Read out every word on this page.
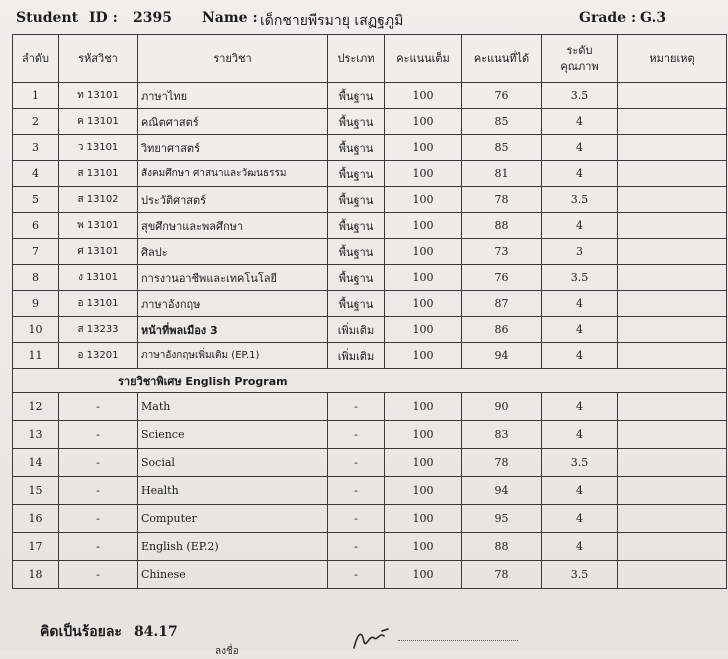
Student ID : 2395 Name : เด็กชายพีรมายุ เสฏฐภูมิ	Grade : G.3
ลำดับ	รหัสวิชา	รายวิชา	ประเภท	คะแนนเต็ม	คะแนนที่ได้	ระดับ คุณภาพ	หมายเหตุ
1	ท 13101	ภาษาไทย	พื้นฐาน	100	76	3.5	
2	ค 13101	คณิตศาสตร์	พื้นฐาน	100	85	4	
3	ว 13101	วิทยาศาสตร์	พื้นฐาน	100	85	4	
4	ส 13101	สังคมศึกษา ศาสนาและวัฒนธรรม	พื้นฐาน	100	81	4	
5	ส 13102	ประวัติศาสตร์	พื้นฐาน	100	78	3.5	
6	พ 13101	สุขศึกษาและพลศึกษา	พื้นฐาน	100	88	4	
7	ศ 13101	ศิลปะ	พื้นฐาน	100	73	3	
8	ง 13101	การงานอาชีพและเทคโนโลยี	พื้นฐาน	100	76	3.5	
9	อ 13101	ภาษาอังกฤษ	พื้นฐาน	100	87	4	
10	ส 13233	หน้าที่พลเมือง 3	เพิ่มเติม	100	86	4	
11	อ 13201	ภาษาอังกฤษเพิ่มเติม (EP.1)	เพิ่มเติม	100	94	4	
รายวิชาพิเศษ English Program							
12	-	Math	-	100	90	4	
13	-	Science	-	100	83	4	
14	-	Social	-	100	78	3.5	
15	-	Health	-	100	94	4	
16	-	Computer	-	100	95	4	
17	-	English (EP.2)	-	100	88	4	
18	-	Chinese	-	100	78	3.5	
คิดเป็นร้อยละ 84.17
ลงชื่อ
